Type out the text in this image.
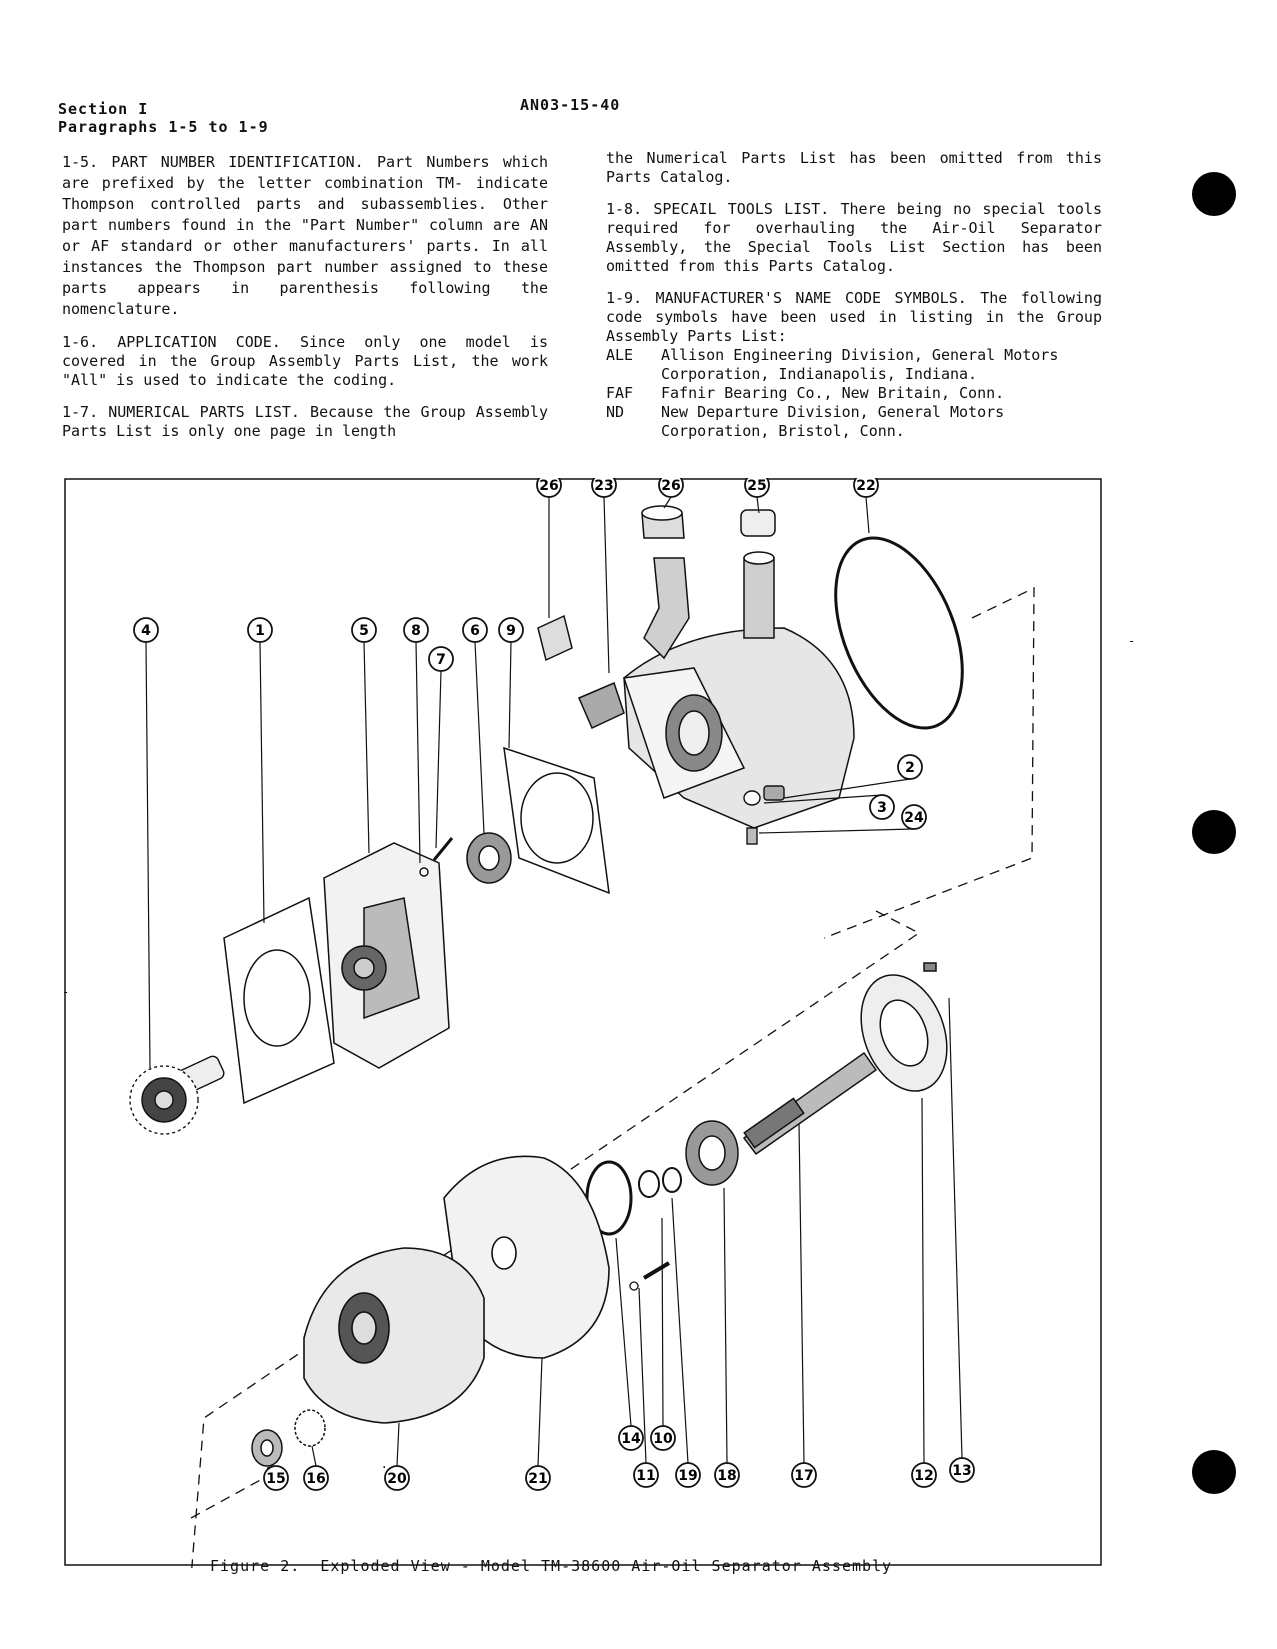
Section I
Paragraphs 1-5 to 1-9
AN03-15-40

1-5. PART NUMBER IDENTIFICATION. Part Numbers which are prefixed by the letter combination TM- indicate Thompson controlled parts and subassemblies. Other part numbers found in the "Part Number" column are AN or AF standard or other manufacturers' parts. In all instances the Thompson part number assigned to these parts appears in parenthesis following the nomenclature.

1-6. APPLICATION CODE. Since only one model is covered in the Group Assembly Parts List, the work "All" is used to indicate the coding.

1-7. NUMERICAL PARTS LIST. Because the Group Assembly Parts List is only one page in length

the Numerical Parts List has been omitted from this Parts Catalog.

1-8. SPECAIL TOOLS LIST. There being no special tools required for overhauling the Air-Oil Separator Assembly, the Special Tools List Section has been omitted from this Parts Catalog.

1-9. MANUFACTURER'S NAME CODE SYMBOLS. The following code symbols have been used in listing in the Group Assembly Parts List:

ALE	Allison Engineering Division, General Motors Corporation, Indianapolis, Indiana.
FAF	Fafnir Bearing Co., New Britain, Conn.
ND	New Departure Division, General Motors Corporation, Bristol, Conn.
-
-
26	23	26	25	22
4	1	5	8
7
6 9
2
3
24
14 10
11 19 18	17	12 13
15 16	20	21
.
Figure 2.  Exploded View - Model TM-38600 Air-Oil Separator Assembly
